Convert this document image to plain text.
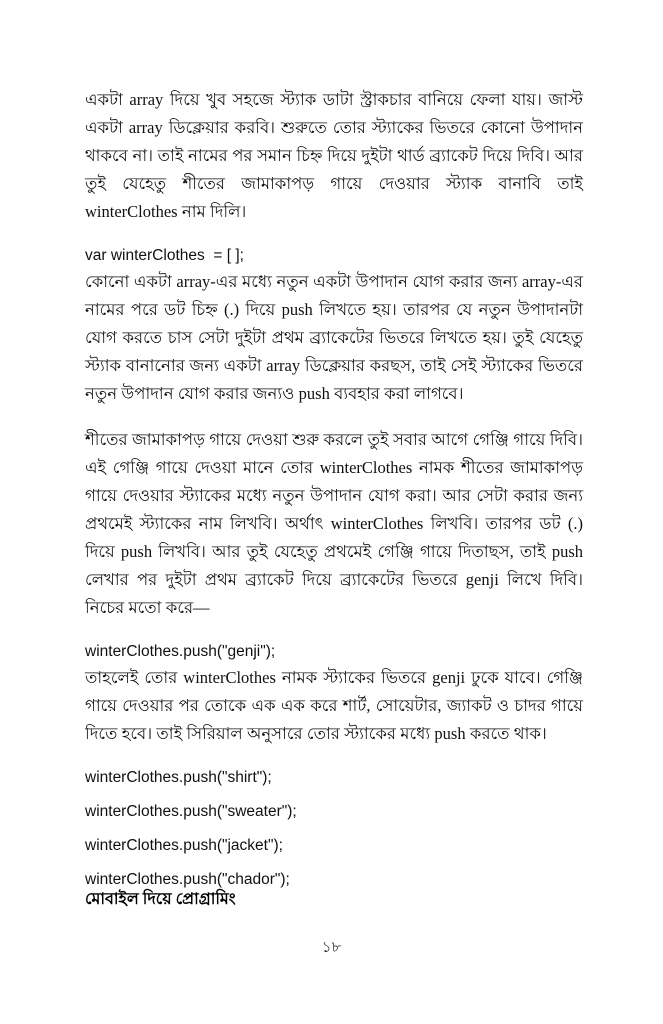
একটা array দিয়ে খুব সহজে স্ট্যাক ডাটা স্ট্রাকচার বানিয়ে ফেলা যায়। জাস্ট একটা array ডিক্লেয়ার করবি। শুরুতে তোর স্ট্যাকের ভিতরে কোনো উপাদান থাকবে না। তাই নামের পর সমান চিহ্ন দিয়ে দুইটা থার্ড ব্র্যাকেট দিয়ে দিবি। আর তুই যেহেতু শীতের জামাকাপড় গায়ে দেওয়ার স্ট্যাক বানাবি তাই winterClothes নাম দিলি।

var winterClothes  = [ ];

কোনো একটা array-এর মধ্যে নতুন একটা উপাদান যোগ করার জন্য array-এর নামের পরে ডট চিহ্ন (.) দিয়ে push লিখতে হয়। তারপর যে নতুন উপাদানটা যোগ করতে চাস সেটা দুইটা প্রথম ব্র্যাকেটের ভিতরে লিখতে হয়। তুই যেহেতু স্ট্যাক বানানোর জন্য একটা array ডিক্লেয়ার করছস, তাই সেই স্ট্যাকের ভিতরে নতুন উপাদান যোগ করার জন্যও push ব্যবহার করা লাগবে।

শীতের জামাকাপড় গায়ে দেওয়া শুরু করলে তুই সবার আগে গেঞ্জি গায়ে দিবি। এই গেঞ্জি গায়ে দেওয়া মানে তোর winterClothes নামক শীতের জামাকাপড় গায়ে দেওয়ার স্ট্যাকের মধ্যে নতুন উপাদান যোগ করা। আর সেটা করার জন্য প্রথমেই স্ট্যাকের নাম লিখবি। অর্থাৎ winterClothes লিখবি। তারপর ডট (.) দিয়ে push লিখবি। আর তুই যেহেতু প্রথমেই গেঞ্জি গায়ে দিতাছস, তাই push লেখার পর দুইটা প্রথম ব্র্যাকেট দিয়ে ব্র্যাকেটের ভিতরে genji লিখে দিবি। নিচের মতো করে—

winterClothes.push("genji");

তাহলেই তোর winterClothes নামক স্ট্যাকের ভিতরে genji ঢুকে যাবে। গেঞ্জি গায়ে দেওয়ার পর তোকে এক এক করে শার্ট, সোয়েটার, জ্যাকট ও চাদর গায়ে দিতে হবে। তাই সিরিয়াল অনুসারে তোর স্ট্যাকের মধ্যে push করতে থাক।

winterClothes.push("shirt");

winterClothes.push("sweater");

winterClothes.push("jacket");

winterClothes.push("chador");

মোবাইল দিয়ে প্রোগ্রামিং

১৮
